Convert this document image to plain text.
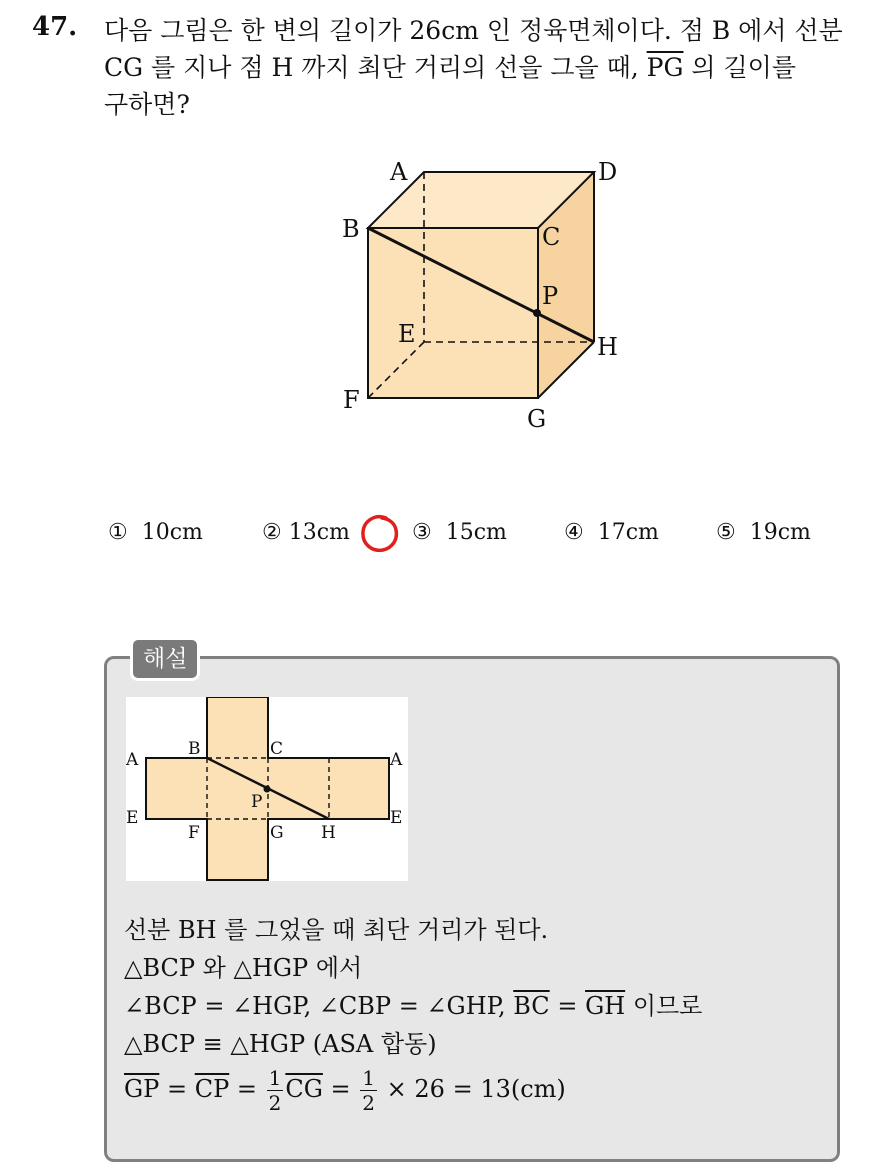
47. 다음 그림은 한 변의 길이가 26cm 인 정육면체이다. 점 B 에서 선분
CG 를 지나 점 H 까지 최단 거리의 선을 그을 때, $\overline{PG}$ 의 길이를
구하면?
A	D
B	C
P
E	H
F
G
① 10cm	② 13cm	③ 15cm	④ 17cm	⑤ 19cm
해설
A
B	C
A
E
P
E
F	G H
선분 BH 를 그었을 때 최단 거리가 된다.
△BCP 와 △HGP 에서
∠BCP = ∠HGP, ∠CBP = ∠GHP, $\overline{BC} = \overline{GH}$ 이므로
△BCP ≡ △HGP (ASA 합동)
$\overline{GP} = \overline{CP} = \frac{1}{2} \overline{CG} = \frac{1}{2} \times 26 = 13(cm)$
